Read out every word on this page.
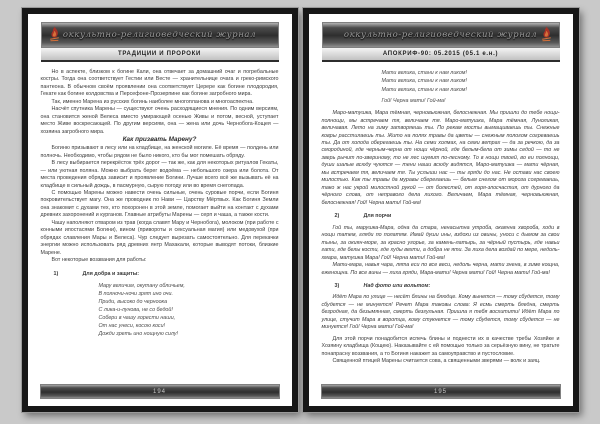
оккультно-религиоведческий журнал
ТРАДИЦИИ И ПРОРОКИ

Но в аспекте, близком к богине Кали, она отвечает за домашний очаг и погребальные костры. Тогда она соответствует Гестии или Весте — хранительнице очага и греко-римского пантеона. В обычном своём проявлении она соответствует Церере как богине плодородия, Гекате как богине колдовства и Персефоне-Прозерпине как богине загробного мира.

Так, именно Марена из русских богинь наиболее многопланова и многоаспектна.

Насчёт спутника Марены — существуют очень расходящиеся мнения. По одним версиям, она становится женой Велеса вместо умирающей осенью Живы и потом, весной, уступает место Живе воскресающей. По другим версиям, она — жена или дочь Чернобога-Кощея — хозяина загробного мира.

Как призвать Марену?

Богиню призывают в лесу или на кладбище, на женской могиле. Её время — полдень или полночь. Необходимо, чтобы рядом не было никого, кто бы мог помешать обряду.

В лесу выбирается перекрёсток трёх дорог — так же, как для некоторых ритуалов Гекаты, — или уютная поляна. Можно выбрать берег водоёма — небольшого озера или болота. От места проведения обряда зависит и проявление Богини. Лучше всего всё же вызывать её на кладбище в сильный дождь, в пасмурную, сырую погоду или во время снегопада.

С помощью Марены можно навести очень сильные, очень суровые порчи, если Богиня покровительствует магу. Она же проводник по Нави — Царству Мёртвых. Как Богиня Земли она знакомит с духами тех, кто похоронен в этой земле, помогает выйти на контакт с духами древних захоронений и курганов. Главные атрибуты Марены — серп и чаша, а также кости.

Чашу наполняют отваром из трав (когда славят Мару и Чернобога), молоком (при работе с конными ипостасями Богини), вином (привороты и сексуальная магия) или медовухой (при обрядах славления Мары и Велеса). Чур следует вырезать самостоятельно. Для перекачки энергии можно использовать ряд древних янтр Махакали, которые выводят потоки, близкие Марене.

Вот некоторые воззвания для работы:

1)	Для добра и защиты:
Мару величим, окутану обличьем,
В полночи-ночи зрят ино очи.
Приди, высоко до черноока
С лика-и-лунова, не со бедой!
Собери в чашу горести наши,
От нас унеси, косою коси!
Дожди зреть ино нощную силу!
194
оккультно-религиоведческий журнал
АПОКРИФ-90: 05.2015 (05.1 е.н.)
Мати велика, стани к нам ликом!
Мати велика, стани к нам ликом!
Мати велика, стани к нам ликом!
Гой! Черна мати! Гой-ма!

Маро-матушка, Мара тёмная, черновьюжная, белоснежная. Мы пришли до тебе нощи-полнощи, мы встречаем тя, величаем тя. Маро-матушка, Мара тёмная, Луноликая, величавая. Лето на зиму затворяешь ты. По рекам мосты вымащиваешь ты. Снежные ковры расстилаешь ты. Жито на полях травы да цветы — снежным пологом согреваешь ты. Да от холода оберегаешь ты. На семи холмах, на семи ветрах — да за речкою, да за смородиной, где черным-черна от нощи чёрной, где белым-бела от зимы седой — то не зверь рычит по-звериному, то не лес шумит по-лесному. То в нощи твоей, во еи полнощи, души шалые всюду чуются — тени наши всюду видятся, Маро-матушка — мати чёрная, мы встречаем тя, величаем тя. Ты услыши нас — ты гряди до нас. Не остави нас своею милостью. Как ты травы да муравы сберегаешь — белым снегом от мороза согреваешь, тако ж нас укрой милостной рукой — от болестей, от горя-злосчастия, от дурного да чёрного слова, от неправого дела лихого. Величаем, Мара тёмная, черновьюжная, белоснежная! Гой! Черна мати! Гой-ма!

2)	Для порчи

Гой ты, марушка-Мара, одна да стара, ненасытна утроба, окаянна хвороба, ходи в нощи татем, гляди по полатям. Имай души ины, вздохи из овины, уноси с дымом за свои тыны, за окиян-море, за красно угорье, за камень-латырь, за чёрный пустырь, где навьи гати, где белы кости, где худы вехти, а добра не яти. За лиха дела воздай по мере, недоль-хмара, матушка Мара! Гой! Черна мати! Гой-ма!

Мати-мара, навья чара, лята еси по все веси, недоль черна, мати знена, в зиме кощна, еженощна. По все вины — лиха гряди, Мара-мати! Черна мати! Гой! Черна мати! Гой-ма!

3)	Над фото или вольтом:

Идёт Мара по улице — несёт блины на блюдце. Кому вынется — тому сбудется, тому сбудется — не минуется! Речет Мара таковы слова: Я есмь смерть бледна, смерть безродная, да безымянная, смерть безгульная. Пришла я тебя восхитити! Идёт Мара по улице, стучит Мара в воротца, кому стукнется — тому сбудется, тому сбудется — не минуется! Гой! Черна мати! Гой-ма!

Для этой порчи понадобится испечь блины и поднести их в качестве требы Хозяйке и Хозяину кладбища (Кощею). Наказывайте с ей помощью только за серьёзную вину, не тратьте понапрасну воззвания, а то Богиня накажет за самоуправство и пустословие.

Священной птицей Марены считается сова, а священными зверями — волк и заяц.

195
